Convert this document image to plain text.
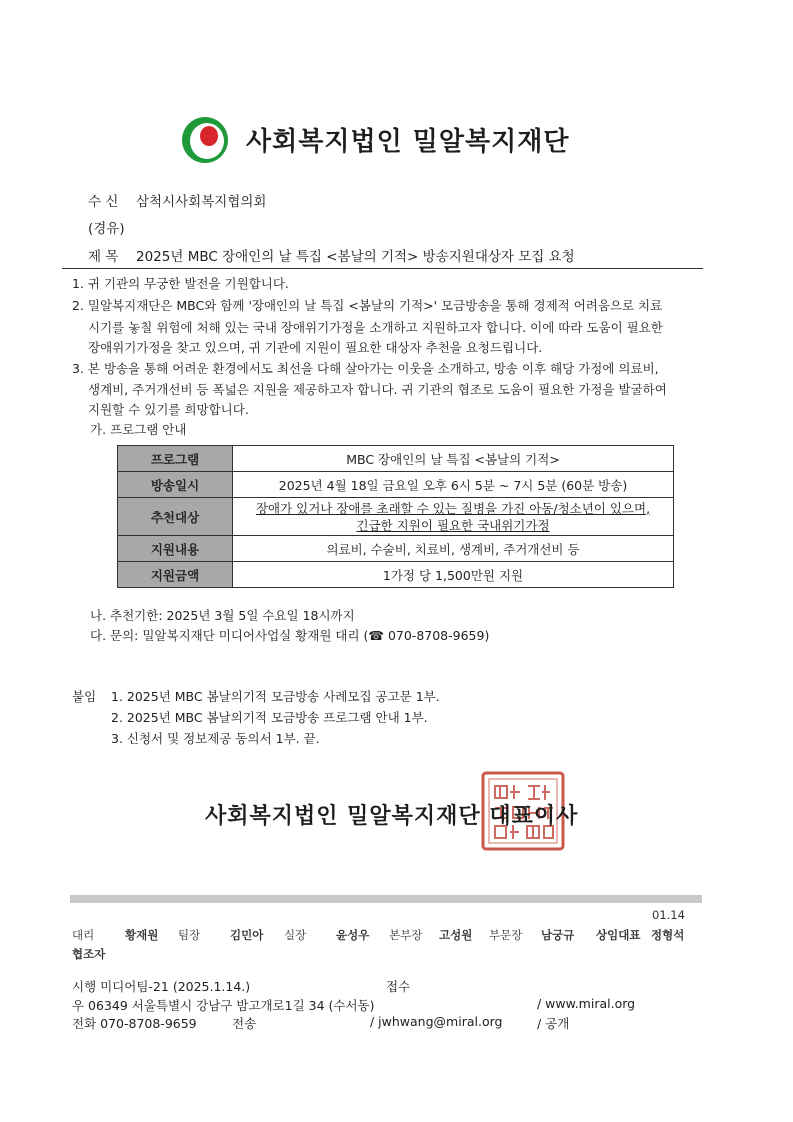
사회복지법인 밀알복지재단
수 신 삼척시사회복지협의회
(경유)
제 목 2025년 MBC 장애인의 날 특집 <봄날의 기적> 방송지원대상자 모집 요청
1. 귀 기관의 무궁한 발전을 기원합니다.
2. 밀알복지재단은 MBC와 함께 '장애인의 날 특집 <봄날의 기적>' 모금방송을 통해 경제적 어려움으로 치료
시기를 놓칠 위험에 처해 있는 국내 장애위기가정을 소개하고 지원하고자 합니다. 이에 따라 도움이 필요한
장애위기가정을 찾고 있으며, 귀 기관에 지원이 필요한 대상자 추천을 요청드립니다.
3. 본 방송을 통해 어려운 환경에서도 최선을 다해 살아가는 이웃을 소개하고, 방송 이후 해당 가정에 의료비,
생계비, 주거개선비 등 폭넓은 지원을 제공하고자 합니다. 귀 기관의 협조로 도움이 필요한 가정을 발굴하여
지원할 수 있기를 희망합니다.
가. 프로그램 안내
프로그램	MBC 장애인의 날 특집 <봄날의 기적>
방송일시	2025년 4월 18일 금요일 오후 6시 5분 ~ 7시 5분 (60분 방송)
추천대상	장애가 있거나 장애를 초래할 수 있는 질병을 가진 아동/청소년이 있으며,
긴급한 지원이 필요한 국내위기가정

지원내용	의료비, 수술비, 치료비, 생계비, 주거개선비 등
지원금액	1가정 당 1,500만원 지원
나. 추천기한: 2025년 3월 5일 수요일 18시까지
다. 문의: 밀알복지재단 미디어사업실 황재원 대리 (☎ 070-8708-9659)
붙임 1. 2025년 MBC 봄날의기적 모금방송 사례모집 공고문 1부.
2. 2025년 MBC 봄날의기적 모금방송 프로그램 안내 1부.
3. 신청서 및 정보제공 동의서 1부. 끝.
사회복지법인 밀알복지재단 대표이사
01.14
대리	황재원 팀장	김민아 실장	윤성우 본부장 고성원 부문장 남궁규 상임대표 정형석
협조자
시행 미디어팀-21 (2025.1.14.)	접수
우 06349 서울특별시 강남구 밤고개로1길 34 (수서동)	/ www.miral.org
전화 070-8708-9659	전송	/ jwhwang@miral.org	/ 공개
